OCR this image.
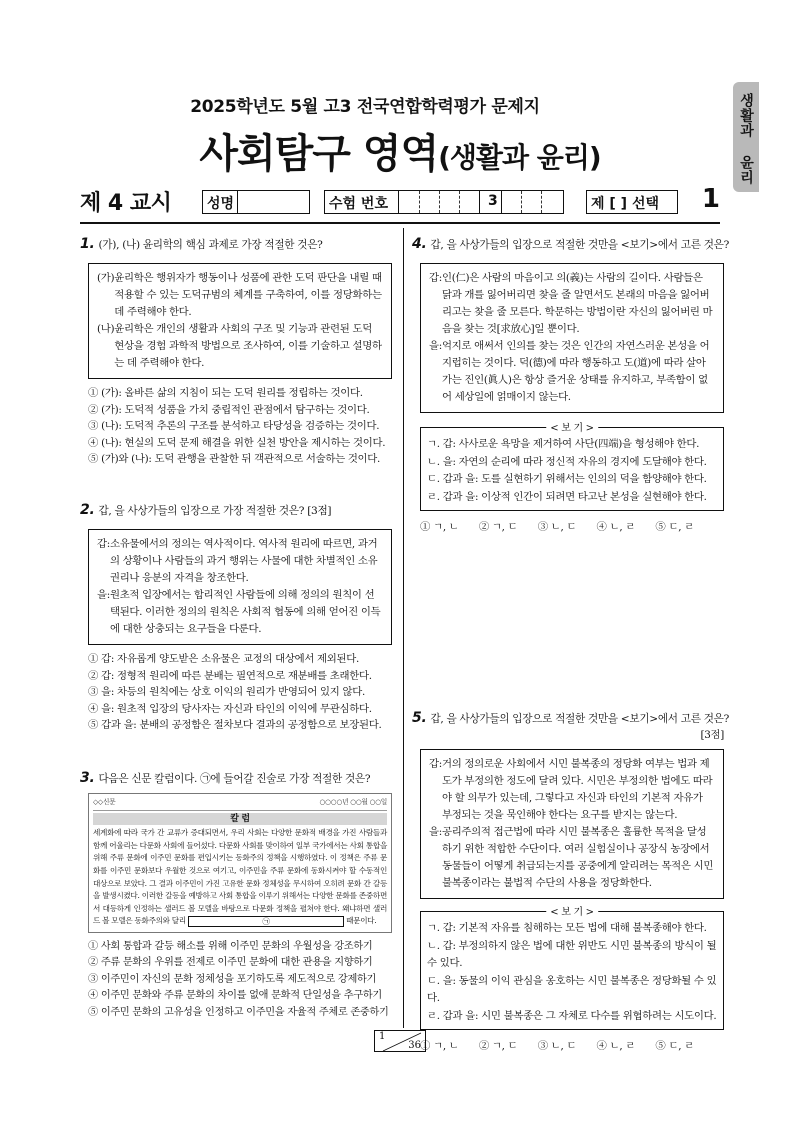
2025학년도 5월 고3 전국연합학력평가 문제지
사회탐구 영역(생활과 윤리)	생활과 윤리
제 4 교시	성명	수험 번호	3	제 [ ] 선택 1
1. (가), (나) 윤리학의 핵심 과제로 가장 적절한 것은?
(가) 윤리학은 행위자가 행동이나 성품에 관한 도덕 판단을 내릴 때 적용할 수 있는 도덕규범의 체계를 구축하여, 이를 정당화하는 데 주력해야 한다.
(나) 윤리학은 개인의 생활과 사회의 구조 및 기능과 관련된 도덕 현상을 경험 과학적 방법으로 조사하여, 이를 기술하고 설명하는 데 주력해야 한다.
① (가): 올바른 삶의 지침이 되는 도덕 원리를 정립하는 것이다.
② (가): 도덕적 성품을 가치 중립적인 관점에서 탐구하는 것이다.
③ (나): 도덕적 추론의 구조를 분석하고 타당성을 검증하는 것이다.
④ (나): 현실의 도덕 문제 해결을 위한 실천 방안을 제시하는 것이다.
⑤ (가)와 (나): 도덕 관행을 관찰한 뒤 객관적으로 서술하는 것이다.
2. 갑, 을 사상가들의 입장으로 가장 적절한 것은? [3점]
갑: 소유물에서의 정의는 역사적이다. 역사적 원리에 따르면, 과거의 상황이나 사람들의 과거 행위는 사물에 대한 차별적인 소유 권리나 응분의 자격을 창조한다.
을: 원초적 입장에서는 합리적인 사람들에 의해 정의의 원칙이 선택된다. 이러한 정의의 원칙은 사회적 협동에 의해 얻어진 이득에 대한 상충되는 요구들을 다룬다.
① 갑: 자유롭게 양도받은 소유물은 교정의 대상에서 제외된다.
② 갑: 정형적 원리에 따른 분배는 필연적으로 재분배를 초래한다.
③ 을: 차등의 원칙에는 상호 이익의 원리가 반영되어 있지 않다.
④ 을: 원초적 입장의 당사자는 자신과 타인의 이익에 무관심하다.
⑤ 갑과 을: 분배의 공정함은 절차보다 결과의 공정함으로 보장된다.
3. 다음은 신문 칼럼이다. ㉠에 들어갈 진술로 가장 적절한 것은?
◇◇신문	○○○○년 ○○월 ○○일
칼 럼
세계화에 따라 국가 간 교류가 증대되면서, 우리 사회는 다양한 문화적 배경을 가진 사람들과 함께 어울리는 다문화 사회에 들어섰다. 다문화 사회를 맞이하여 일부 국가에서는 사회 통합을 위해 주류 문화에 이주민 문화를 편입시키는 동화주의 정책을 시행하였다. 이 정책은 주류 문화를 이주민 문화보다 우월한 것으로 여기고, 이주민을 주류 문화에 동화시켜야 할 수동적인 대상으로 보았다. 그 결과 이주민이 가진 고유한 문화 정체성을 무시하여 오히려 문화 간 갈등을 발생시켰다. 이러한 갈등을 예방하고 사회 통합을 이루기 위해서는 다양한 문화를 존중하면서 대등하게 인정하는 샐러드 볼 모델을 바탕으로 다문화 정책을 펼쳐야 한다. 왜냐하면 샐러드 볼 모델은 동화주의와 달리	㉠	때문이다.
① 사회 통합과 갈등 해소를 위해 이주민 문화의 우월성을 강조하기
② 주류 문화의 우위를 전제로 이주민 문화에 대한 관용을 지향하기
③ 이주민이 자신의 문화 정체성을 포기하도록 제도적으로 강제하기
④ 이주민 문화와 주류 문화의 차이를 없애 문화적 단일성을 추구하기
⑤ 이주민 문화의 고유성을 인정하고 이주민을 자율적 주체로 존중하기
4. 갑, 을 사상가들의 입장으로 적절한 것만을 <보기>에서 고른 것은?
갑: 인(仁)은 사람의 마음이고 의(義)는 사람의 길이다. 사람들은 닭과 개를 잃어버리면 찾을 줄 알면서도 본래의 마음을 잃어버리고는 찾을 줄 모른다. 학문하는 방법이란 자신의 잃어버린 마음을 찾는 것[求放心]일 뿐이다.
을: 억지로 애써서 인의를 찾는 것은 인간의 자연스러운 본성을 어지럽히는 것이다. 덕(德)에 따라 행동하고 도(道)에 따라 살아가는 진인(眞人)은 항상 즐거운 상태를 유지하고, 부족함이 없어 세상일에 얽매이지 않는다.
< 보 기 >
ㄱ. 갑: 사사로운 욕망을 제거하여 사단(四端)을 형성해야 한다.
ㄴ. 을: 자연의 순리에 따라 정신적 자유의 경지에 도달해야 한다.
ㄷ. 갑과 을: 도를 실현하기 위해서는 인의의 덕을 함양해야 한다.
ㄹ. 갑과 을: 이상적 인간이 되려면 타고난 본성을 실현해야 한다.
① ㄱ, ㄴ ② ㄱ, ㄷ ③ ㄴ, ㄷ ④ ㄴ, ㄹ ⑤ ㄷ, ㄹ
5. 갑, 을 사상가들의 입장으로 적절한 것만을 <보기>에서 고른 것은?
[3점]
갑: 거의 정의로운 사회에서 시민 불복종의 정당화 여부는 법과 제도가 부정의한 정도에 달려 있다. 시민은 부정의한 법에도 따라야 할 의무가 있는데, 그렇다고 자신과 타인의 기본적 자유가 부정되는 것을 묵인해야 한다는 요구를 받지는 않는다.
을: 공리주의적 접근법에 따라 시민 불복종은 훌륭한 목적을 달성하기 위한 적합한 수단이다. 여러 실험실이나 공장식 농장에서 동물들이 어떻게 취급되는지를 공중에게 알리려는 목적은 시민 불복종이라는 불법적 수단의 사용을 정당화한다.
< 보 기 >
ㄱ. 갑: 기본적 자유를 침해하는 모든 법에 대해 불복종해야 한다.
ㄴ. 갑: 부정의하지 않은 법에 대한 위반도 시민 불복종의 방식이 될 수 있다.
ㄷ. 을: 동물의 이익 관심을 옹호하는 시민 불복종은 정당화될 수 있다.
ㄹ. 갑과 을: 시민 불복종은 그 자체로 다수를 위협하려는 시도이다.
① ㄱ, ㄴ ② ㄱ, ㄷ ③ ㄴ, ㄷ ④ ㄴ, ㄹ ⑤ ㄷ, ㄹ
1
36
